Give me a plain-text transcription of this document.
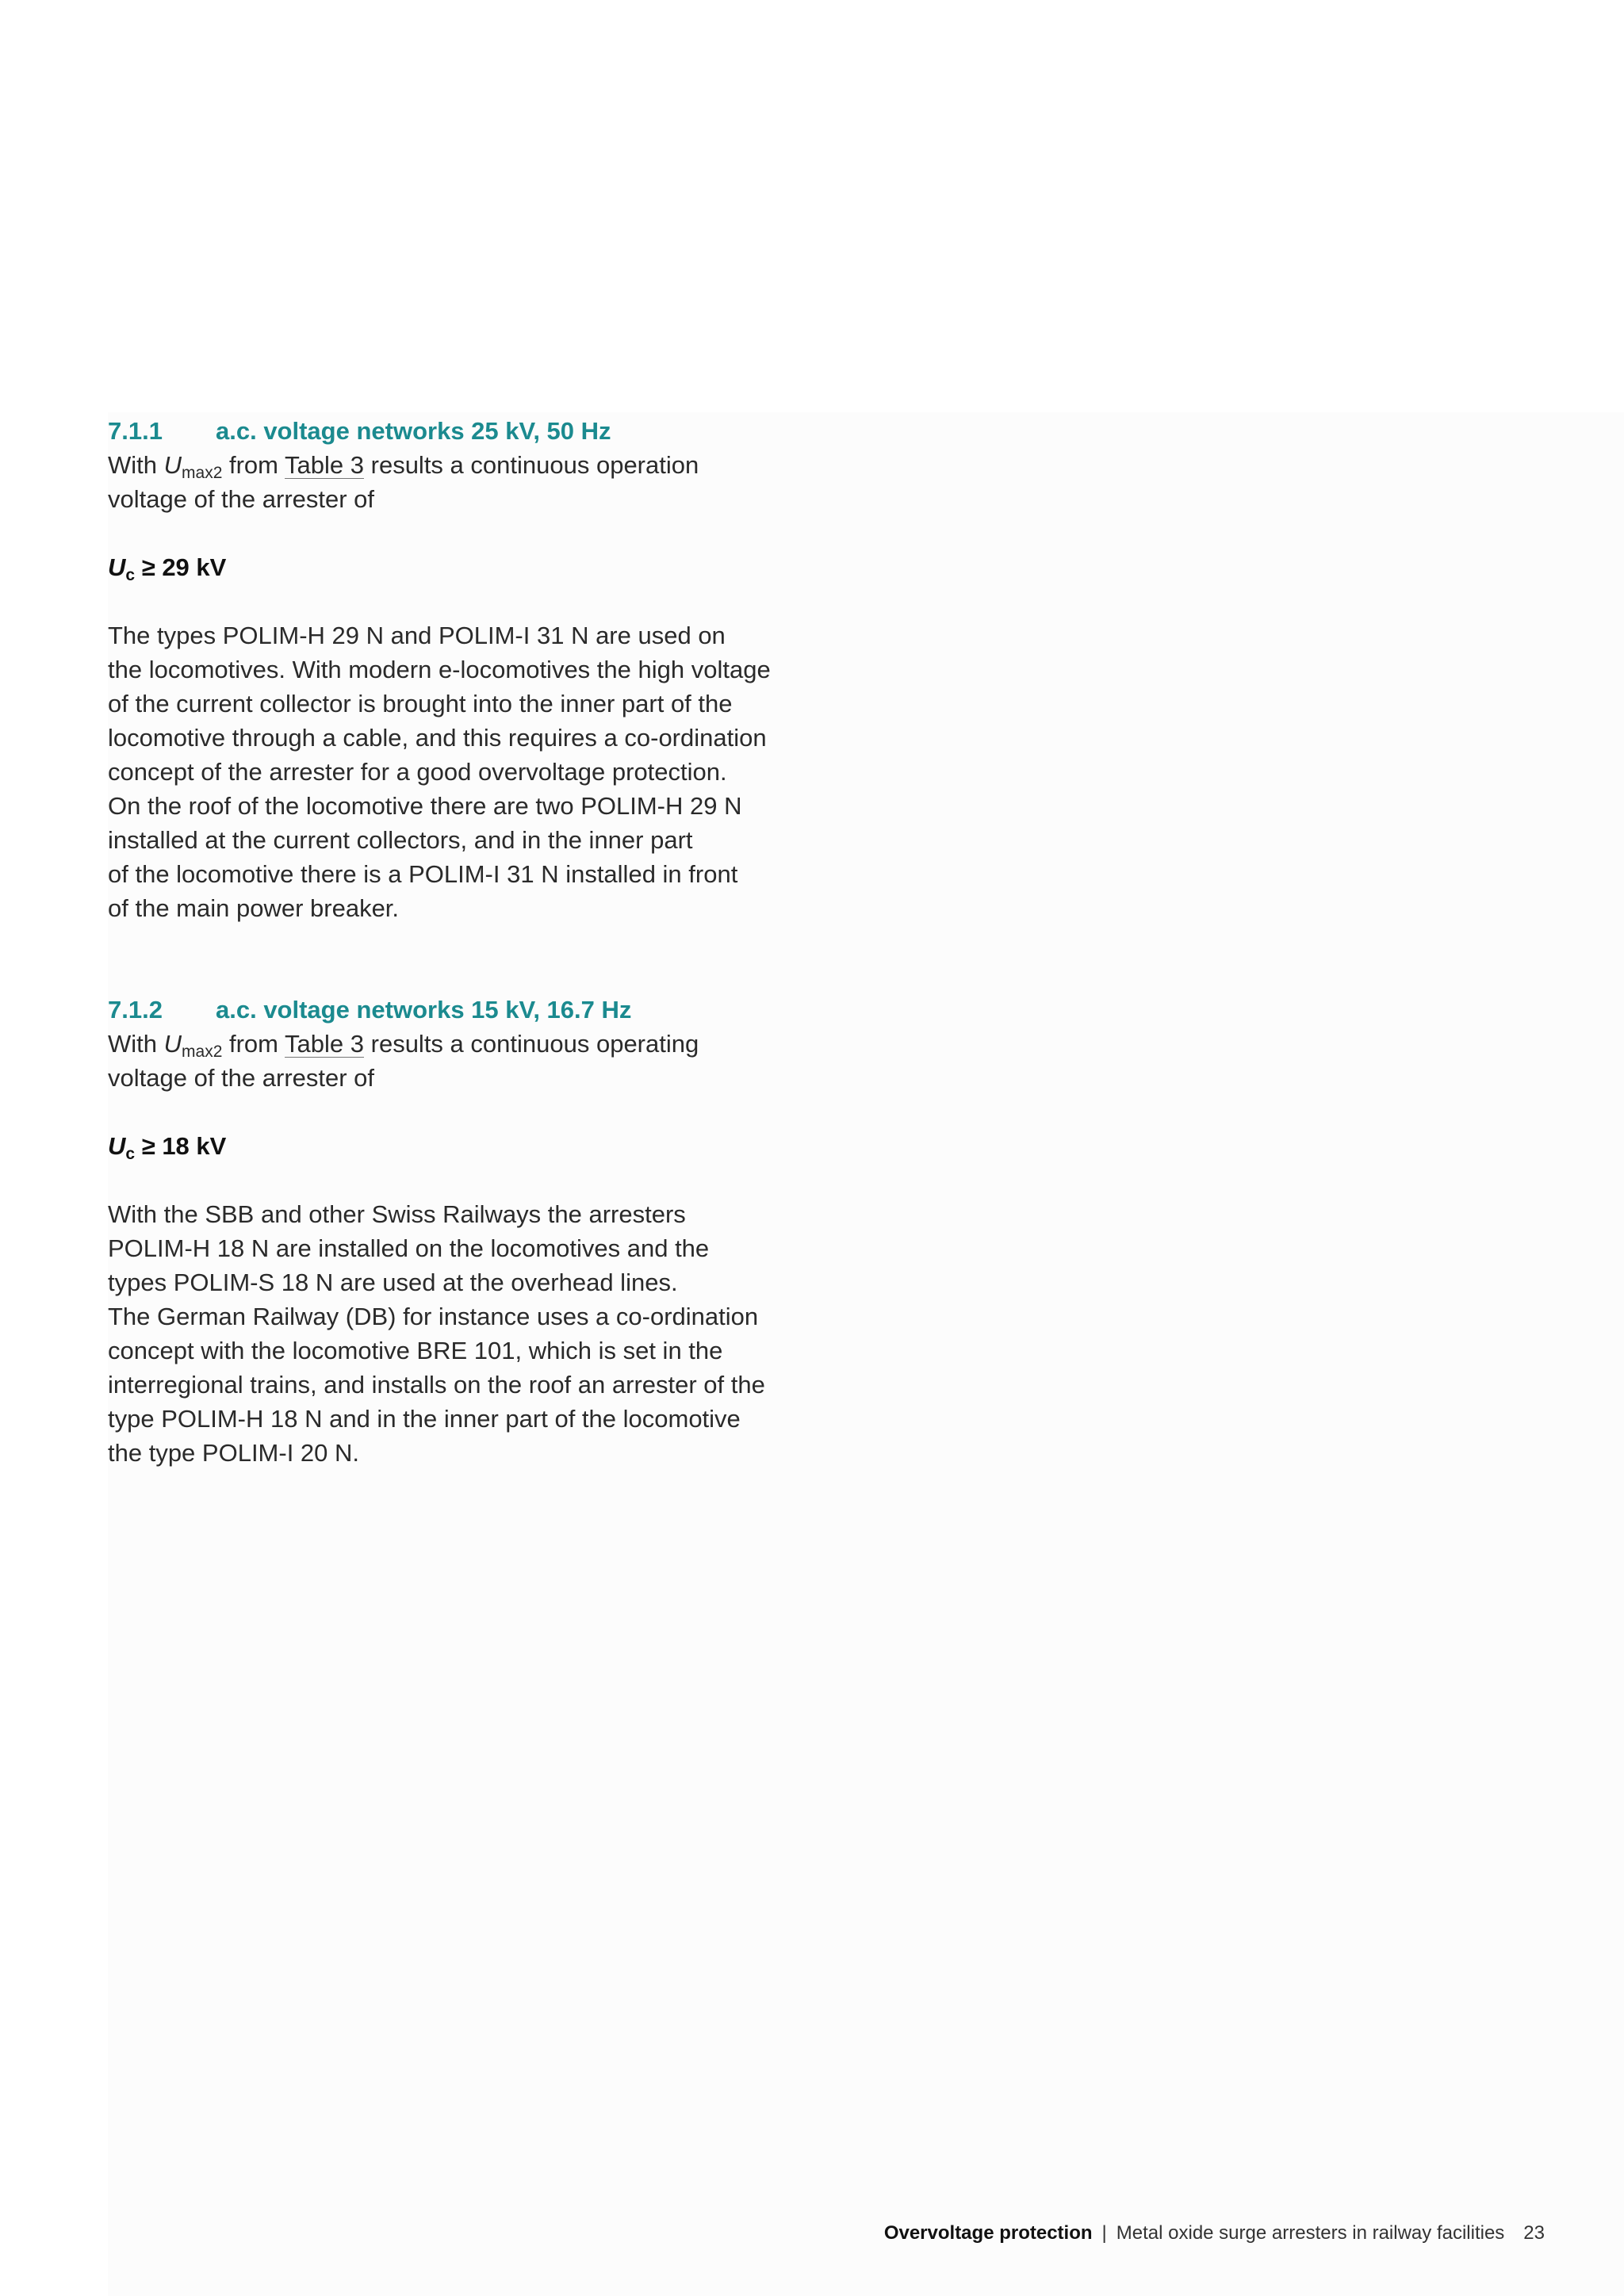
7.1.1 a.c. voltage networks 25 kV, 50 Hz

With $U_{max2}$ from Table 3 results a continuous operation

voltage of the arrester of

$U_c \ge 29$ kV

The types POLIM-H 29 N and POLIM-I 31 N are used on

the locomotives. With modern e-locomotives the high voltage

of the current collector is brought into the inner part of the

locomotive through a cable, and this requires a co-ordination

concept of the arrester for a good overvoltage protection.

On the roof of the locomotive there are two POLIM-H 29 N

installed at the current collectors, and in the inner part

of the locomotive there is a POLIM-I 31 N installed in front

of the main power breaker.

7.1.2 a.c. voltage networks 15 kV, 16.7 Hz

With $U_{max2}$ from Table 3 results a continuous operating

voltage of the arrester of

$U_c \ge 18$ kV

With the SBB and other Swiss Railways the arresters

POLIM-H 18 N are installed on the locomotives and the

types POLIM-S 18 N are used at the overhead lines.

The German Railway (DB) for instance uses a co-ordination

concept with the locomotive BRE 101, which is set in the

interregional trains, and installs on the roof an arrester of the

type POLIM-H 18 N and in the inner part of the locomotive

the type POLIM-I 20 N.

Overvoltage protection | Metal oxide surge arresters in railway facilities 23
